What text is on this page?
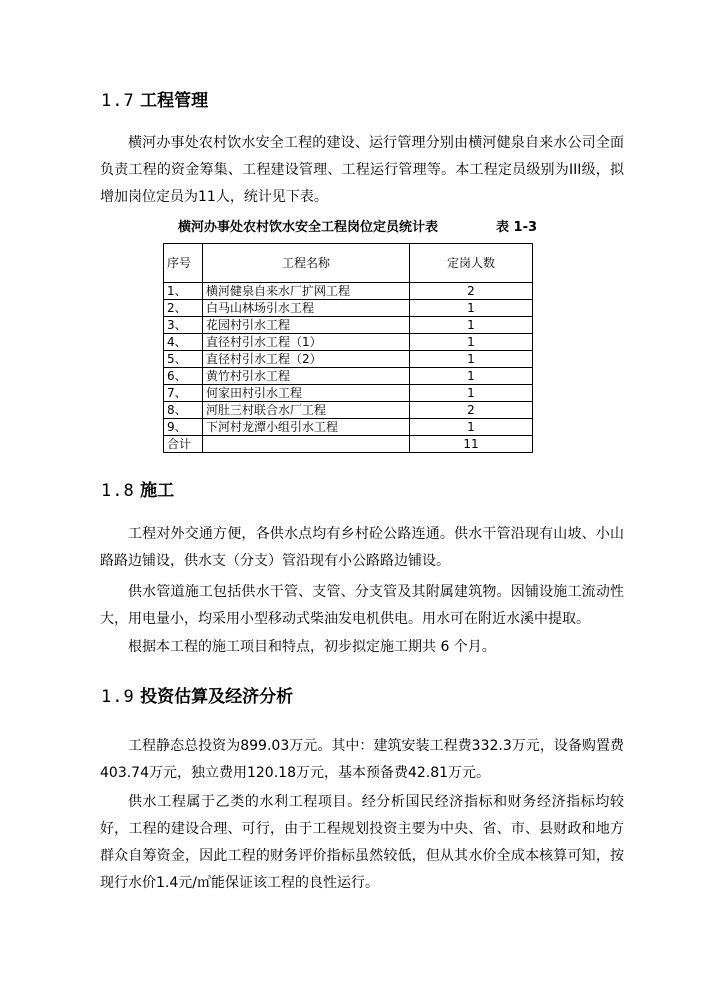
1.7 工程管理

横河办事处农村饮水安全工程的建设、运行管理分别由横河健泉自来水公司全面负责工程的资金筹集、工程建设管理、工程运行管理等。本工程定员级别为III级，拟增加岗位定员为11人，统计见下表。

横河办事处农村饮水安全工程岗位定员统计表	表 1-3
序号	工程名称	定岗人数
1、	横河健泉自来水厂扩网工程	2
2、	白马山林场引水工程	1
3、	花园村引水工程	1
4、	直径村引水工程（1）	1
5、	直径村引水工程（2）	1
6、	黄竹村引水工程	1
7、	何家田村引水工程	1
8、	河肚三村联合水厂工程	2
9、	下河村龙潭小组引水工程	1
合计		11
1.8 施工

工程对外交通方便，各供水点均有乡村砼公路连通。供水干管沿现有山坡、小山路路边铺设，供水支（分支）管沿现有小公路路边铺设。

供水管道施工包括供水干管、支管、分支管及其附属建筑物。因铺设施工流动性大，用电量小，均采用小型移动式柴油发电机供电。用水可在附近水溪中提取。

根据本工程的施工项目和特点，初步拟定施工期共 6 个月。

1.9 投资估算及经济分析

工程静态总投资为899.03万元。其中：建筑安装工程费332.3万元，设备购置费403.74万元，独立费用120.18万元，基本预备费42.81万元。

供水工程属于乙类的水利工程项目。经分析国民经济指标和财务经济指标均较好，工程的建设合理、可行，由于工程规划投资主要为中央、省、市、县财政和地方群众自筹资金，因此工程的财务评价指标虽然较低，但从其水价全成本核算可知，按现行水价1.4元/㎥能保证该工程的良性运行。
